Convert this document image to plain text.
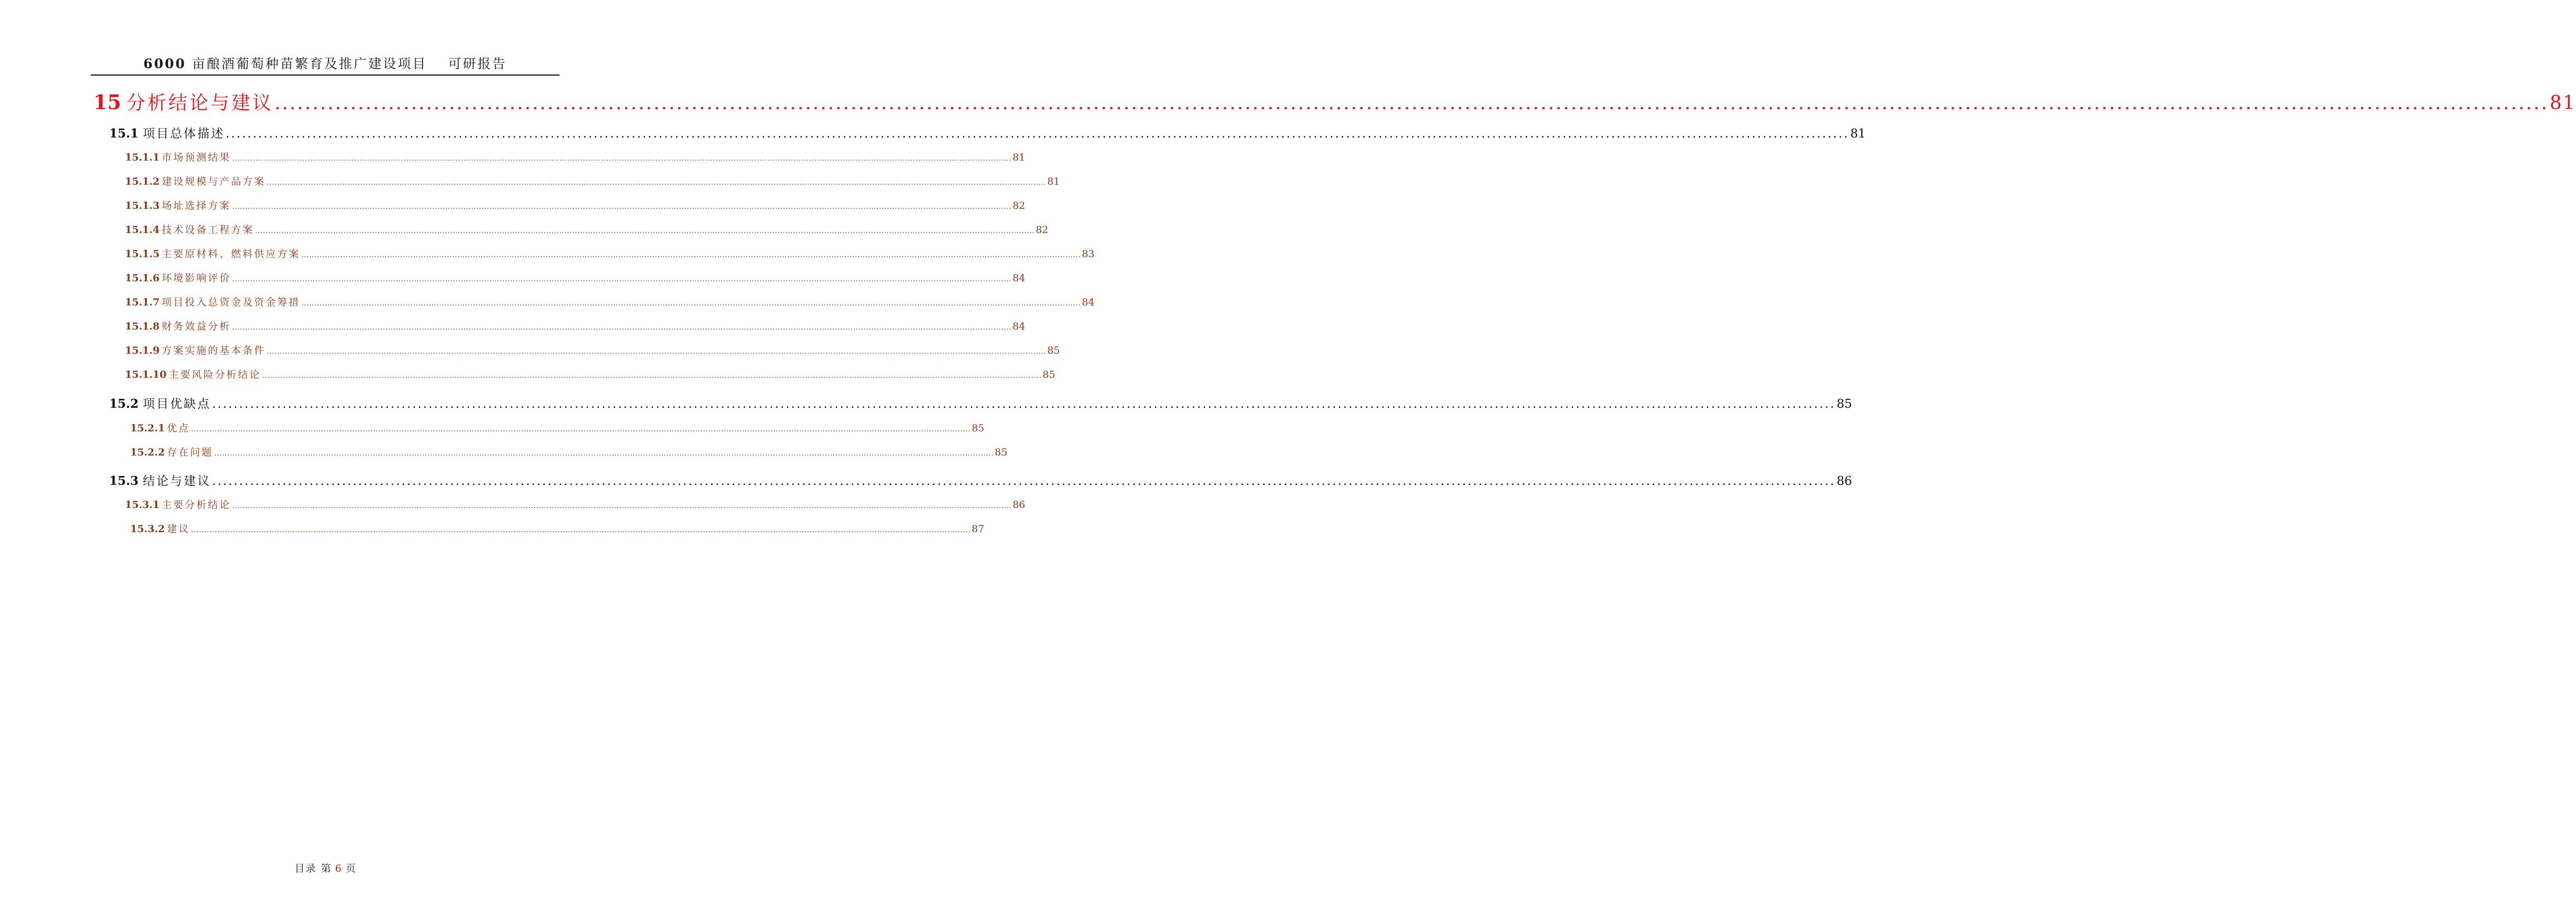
6000 亩酿酒葡萄种苗繁育及推广建设项目 可研报告
15 分析结论与建议 ............................................................................................................................................................................................................................................................................................................ 81
15.1 项目总体描述 ............................................................................................................................................................................................................................................................................................................ 81
15.1.1 市场预测结果 ............................................................................................................................................................................................................................................................................................................ 81
15.1.2 建设规模与产品方案 ............................................................................................................................................................................................................................................................................................................ 81
15.1.3 场址选择方案 ............................................................................................................................................................................................................................................................................................................ 82
15.1.4 技术设备工程方案 ............................................................................................................................................................................................................................................................................................................ 82
15.1.5 主要原材料、燃料供应方案 ............................................................................................................................................................................................................................................................................................................ 83
15.1.6 环境影响评价 ............................................................................................................................................................................................................................................................................................................ 84
15.1.7 项目投入总资金及资金筹措 ............................................................................................................................................................................................................................................................................................................ 84
15.1.8 财务效益分析 ............................................................................................................................................................................................................................................................................................................ 84
15.1.9 方案实施的基本条件 ............................................................................................................................................................................................................................................................................................................ 85
15.1.10 主要风险分析结论 ............................................................................................................................................................................................................................................................................................................ 85
15.2 项目优缺点 ............................................................................................................................................................................................................................................................................................................ 85
15.2.1 优点 ............................................................................................................................................................................................................................................................................................................ 85
15.2.2 存在问题 ............................................................................................................................................................................................................................................................................................................ 85
15.3 结论与建议 ............................................................................................................................................................................................................................................................................................................ 86
15.3.1 主要分析结论 ............................................................................................................................................................................................................................................................................................................ 86
15.3.2 建议 ............................................................................................................................................................................................................................................................................................................ 87
目录 第 6 页
